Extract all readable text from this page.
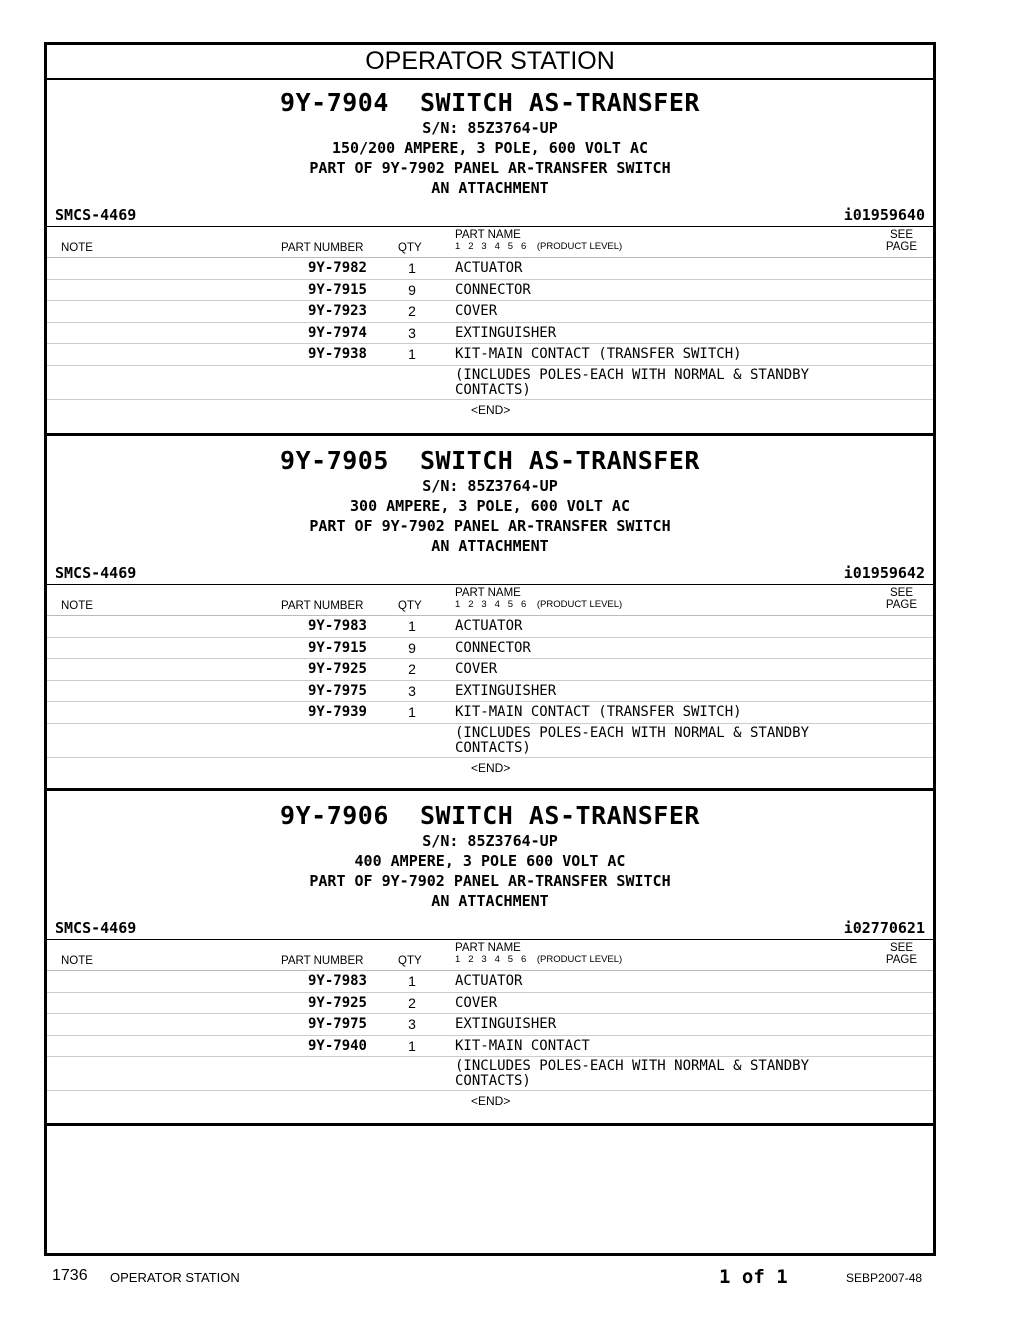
OPERATOR STATION
9Y-7904  SWITCH AS-TRANSFER
S/N: 85Z3764-UP
150/200 AMPERE, 3 POLE, 600 VOLT AC
PART OF 9Y-7902 PANEL AR-TRANSFER SWITCH
AN ATTACHMENT
SMCS-4469	i01959640
NOTE	PART NUMBER	QTY
PART NAME
1   2   3   4   5   6    (PRODUCT LEVEL)
SEE
PAGE
9Y-7982	1	ACTUATOR
9Y-7915	9	CONNECTOR
9Y-7923	2	COVER
9Y-7974	3	EXTINGUISHER
9Y-7938	1	KIT-MAIN CONTACT (TRANSFER SWITCH)
(INCLUDES POLES-EACH WITH NORMAL & STANDBY
CONTACTS)
<END>
9Y-7905  SWITCH AS-TRANSFER
S/N: 85Z3764-UP
300 AMPERE, 3 POLE, 600 VOLT AC
PART OF 9Y-7902 PANEL AR-TRANSFER SWITCH
AN ATTACHMENT
SMCS-4469	i01959642
NOTE	PART NUMBER	QTY
PART NAME
1   2   3   4   5   6    (PRODUCT LEVEL)
SEE
PAGE
9Y-7983	1	ACTUATOR
9Y-7915	9	CONNECTOR
9Y-7925	2	COVER
9Y-7975	3	EXTINGUISHER
9Y-7939	1	KIT-MAIN CONTACT (TRANSFER SWITCH)
(INCLUDES POLES-EACH WITH NORMAL & STANDBY
CONTACTS)
<END>
9Y-7906  SWITCH AS-TRANSFER
S/N: 85Z3764-UP
400 AMPERE, 3 POLE 600 VOLT AC
PART OF 9Y-7902 PANEL AR-TRANSFER SWITCH
AN ATTACHMENT
SMCS-4469	i02770621
NOTE	PART NUMBER	QTY
PART NAME
1   2   3   4   5   6    (PRODUCT LEVEL)
SEE
PAGE
9Y-7983	1	ACTUATOR
9Y-7925	2	COVER
9Y-7975	3	EXTINGUISHER
9Y-7940	1	KIT-MAIN CONTACT
(INCLUDES POLES-EACH WITH NORMAL & STANDBY
CONTACTS)
<END>
1736 OPERATOR STATION	1 of 1	SEBP2007-48
